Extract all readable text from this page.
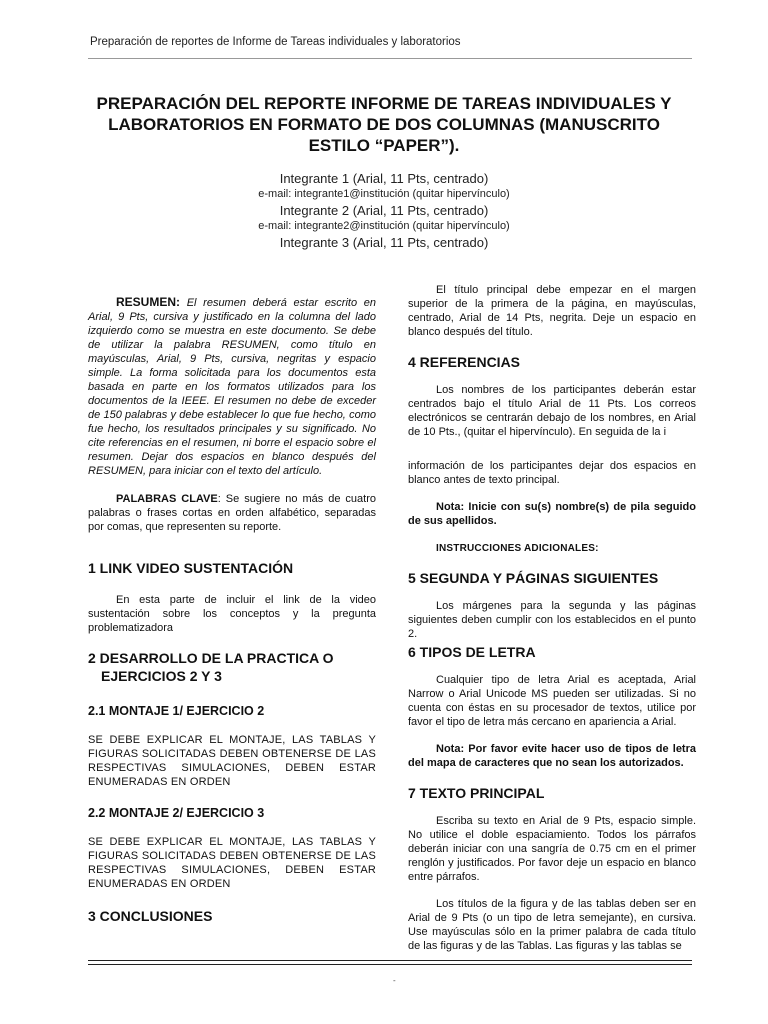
Preparación de reportes de Informe de Tareas individuales y laboratorios
PREPARACIÓN DEL REPORTE INFORME DE TAREAS INDIVIDUALES Y LABORATORIOS EN FORMATO DE DOS COLUMNAS (MANUSCRITO ESTILO “PAPER”).
Integrante 1 (Arial, 11 Pts, centrado)
e-mail: integrante1@institución (quitar hipervínculo)
Integrante 2 (Arial, 11 Pts, centrado)
e-mail: integrante2@institución (quitar hipervínculo)
Integrante 3 (Arial, 11 Pts, centrado)

RESUMEN: El resumen deberá estar escrito en Arial, 9 Pts, cursiva y justificado en la columna del lado izquierdo como se muestra en este documento. Se debe de utilizar la palabra RESUMEN, como título en mayúsculas, Arial, 9 Pts, cursiva, negritas y espacio simple. La forma solicitada para los documentos esta basada en parte en los formatos utilizados para los documentos de la IEEE. El resumen no debe de exceder de 150 palabras y debe establecer lo que fue hecho, como fue hecho, los resultados principales y su significado. No cite referencias en el resumen, ni borre el espacio sobre el resumen. Dejar dos espacios en blanco después del RESUMEN, para iniciar con el texto del artículo.

PALABRAS CLAVE: Se sugiere no más de cuatro palabras o frases cortas en orden alfabético, separadas por comas, que representen su reporte.

1 LINK VIDEO SUSTENTACIÓN

En esta parte de incluir el link de la video sustentación sobre los conceptos y la pregunta problematizadora

2 DESARROLLO DE LA PRACTICA O EJERCICIOS 2 Y 3
2.1 MONTAJE 1/ EJERCICIO 2

SE DEBE EXPLICAR EL MONTAJE, LAS TABLAS Y FIGURAS SOLICITADAS DEBEN OBTENERSE DE LAS RESPECTIVAS SIMULACIONES, DEBEN ESTAR ENUMERADAS EN ORDEN

2.2 MONTAJE 2/ EJERCICIO 3

SE DEBE EXPLICAR EL MONTAJE, LAS TABLAS Y FIGURAS SOLICITADAS DEBEN OBTENERSE DE LAS RESPECTIVAS SIMULACIONES, DEBEN ESTAR ENUMERADAS EN ORDEN

3 CONCLUSIONES

El título principal debe empezar en el margen superior de la primera de la página, en mayúsculas, centrado, Arial de 14 Pts, negrita. Deje un espacio en blanco después del título.

4 REFERENCIAS

Los nombres de los participantes deberán estar centrados bajo el título Arial de 11 Pts. Los correos electrónicos se centrarán debajo de los nombres, en Arial de 10 Pts., (quitar el hipervínculo). En seguida de la i

información de los participantes dejar dos espacios en blanco antes de texto principal.

Nota: Inicie con su(s) nombre(s) de pila seguido de sus apellidos.

INSTRUCCIONES ADICIONALES:

5 SEGUNDA Y PÁGINAS SIGUIENTES

Los márgenes para la segunda y las páginas siguientes deben cumplir con los establecidos en el punto 2.

6 TIPOS DE LETRA

Cualquier tipo de letra Arial es aceptada, Arial Narrow o Arial Unicode MS pueden ser utilizadas. Si no cuenta con éstas en su procesador de textos, utilice por favor el tipo de letra más cercano en apariencia a Arial.

Nota: Por favor evite hacer uso de tipos de letra del mapa de caracteres que no sean los autorizados.

7 TEXTO PRINCIPAL

Escriba su texto en Arial de 9 Pts, espacio simple. No utilice el doble espaciamiento. Todos los párrafos deberán iniciar con una sangría de 0.75 cm en el primer renglón y justificados. Por favor deje un espacio en blanco entre párrafos.

Los títulos de la figura y de las tablas deben ser en Arial de 9 Pts (o un tipo de letra semejante), en cursiva. Use mayúsculas sólo en la primer palabra de cada título de las figuras y de las Tablas. Las figuras y las tablas se

-
